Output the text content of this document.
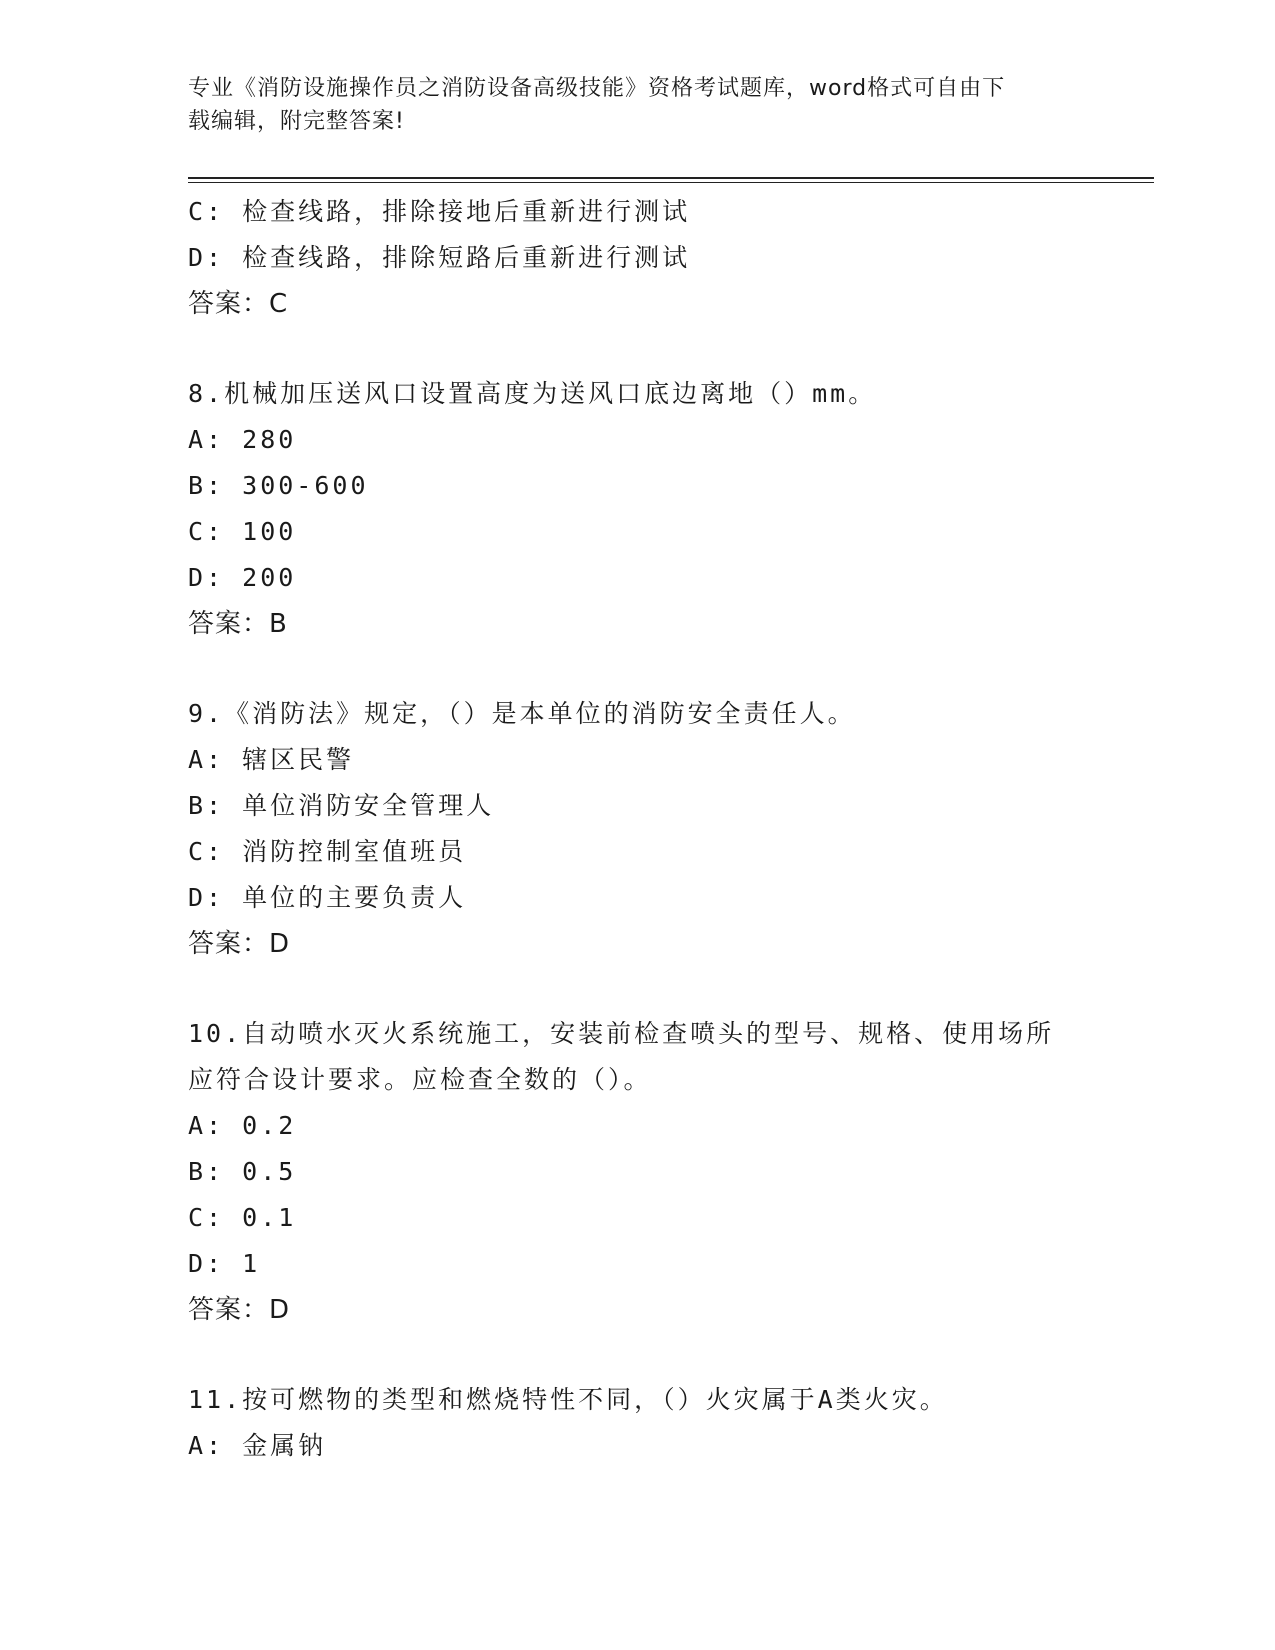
专业《消防设施操作员之消防设备高级技能》资格考试题库，word格式可自由下
载编辑，附完整答案!
C: 检查线路，排除接地后重新进行测试
D: 检查线路，排除短路后重新进行测试
答案：C
8.机械加压送风口设置高度为送风口底边离地（）mm。
A: 280
B: 300-600
C: 100
D: 200
答案：B
9.《消防法》规定，（）是本单位的消防安全责任人。
A: 辖区民警
B: 单位消防安全管理人
C: 消防控制室值班员
D: 单位的主要负责人
答案：D
10.自动喷水灭火系统施工，安装前检查喷头的型号、规格、使用场所
应符合设计要求。应检查全数的（）。
A: 0.2
B: 0.5
C: 0.1
D: 1
答案：D
11.按可燃物的类型和燃烧特性不同，（）火灾属于A类火灾。
A: 金属钠
